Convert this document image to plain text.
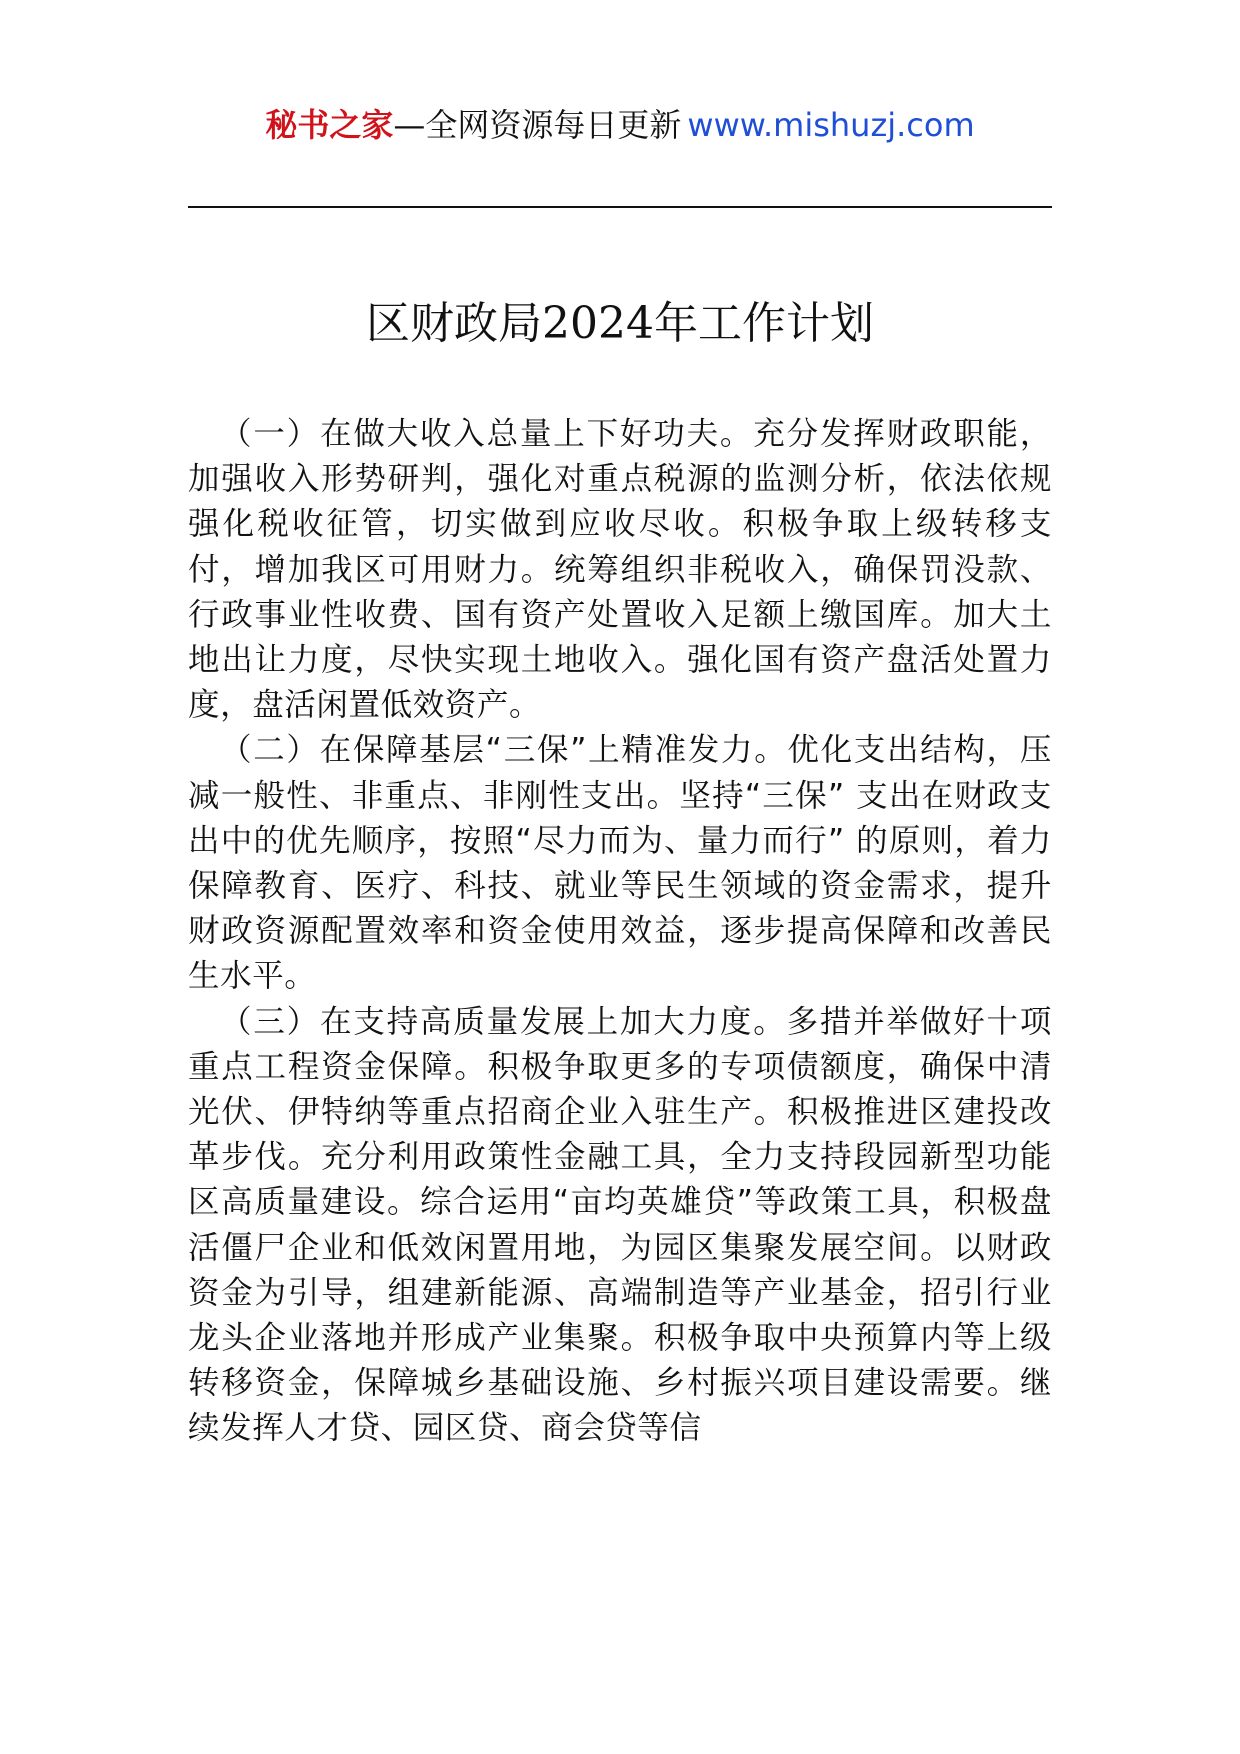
秘书之家—全网资源每日更新 www.mishuzj.com
区财政局2024年工作计划

（一）在做大收入总量上下好功夫。充分发挥财政职能，加强收入形势研判，强化对重点税源的监测分析，依法依规强化税收征管，切实做到应收尽收。积极争取上级转移支付，增加我区可用财力。统筹组织非税收入，确保罚没款、行政事业性收费、国有资产处置收入足额上缴国库。加大土地出让力度，尽快实现土地收入。强化国有资产盘活处置力度，盘活闲置低效资产。

（二）在保障基层“三保”上精准发力。优化支出结构，压减一般性、非重点、非刚性支出。坚持“三保” 支出在财政支出中的优先顺序，按照“尽力而为、量力而行” 的原则，着力保障教育、医疗、科技、就业等民生领域的资金需求，提升财政资源配置效率和资金使用效益，逐步提高保障和改善民生水平。

（三）在支持高质量发展上加大力度。多措并举做好十项重点工程资金保障。积极争取更多的专项债额度，确保中清光伏、伊特纳等重点招商企业入驻生产。积极推进区建投改革步伐。充分利用政策性金融工具，全力支持段园新型功能区高质量建设。综合运用“亩均英雄贷”等政策工具，积极盘活僵尸企业和低效闲置用地，为园区集聚发展空间。以财政资金为引导，组建新能源、高端制造等产业基金，招引行业龙头企业落地并形成产业集聚。积极争取中央预算内等上级转移资金，保障城乡基础设施、乡村振兴项目建设需要。继续发挥人才贷、园区贷、商会贷等信
